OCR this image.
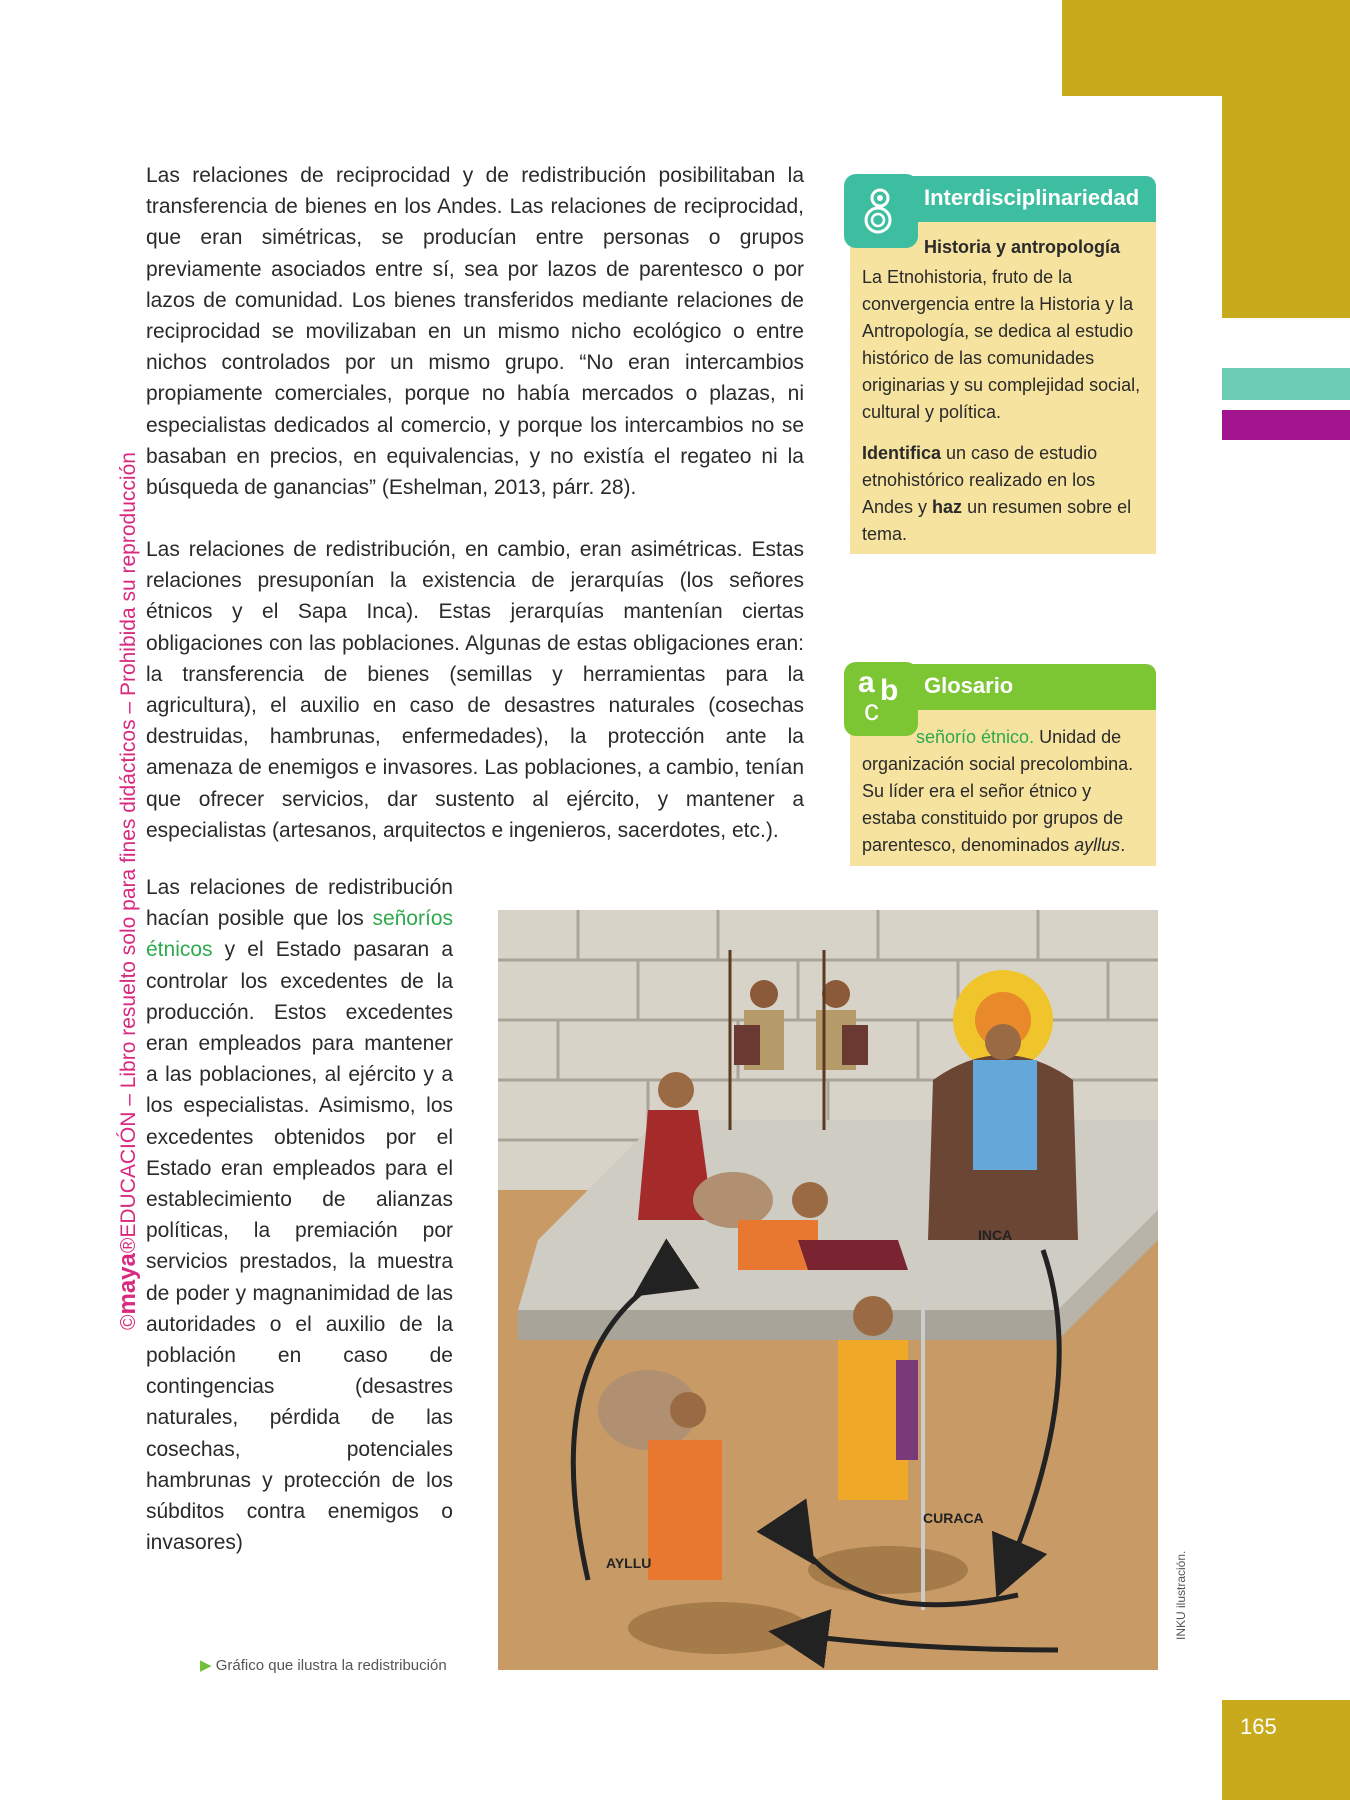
©maya®EDUCACIÓN – Libro resuelto solo para fines didácticos – Prohibida su reproducción

Las relaciones de reciprocidad y de redistribución posibilitaban la transferencia de bienes en los Andes. Las relaciones de reciprocidad, que eran simétricas, se producían entre personas o grupos previamente asociados entre sí, sea por lazos de parentesco o por lazos de comunidad. Los bienes transferidos mediante relaciones de reciprocidad se movilizaban en un mismo nicho ecológico o entre nichos controlados por un mismo grupo. “No eran intercambios propiamente comerciales, porque no había mercados o plazas, ni especialistas dedicados al comercio, y porque los intercambios no se basaban en precios, en equivalencias, y no existía el regateo ni la búsqueda de ganancias” (Eshelman, 2013, párr. 28).

Las relaciones de redistribución, en cambio, eran asimétricas. Estas relaciones presuponían la existencia de jerarquías (los señores étnicos y el Sapa Inca). Estas jerarquías mantenían ciertas obligaciones con las poblaciones. Algunas de estas obligaciones eran: la transferencia de bienes (semillas y herramientas para la agricultura), el auxilio en caso de desastres naturales (cosechas destruidas, hambrunas, enfermedades), la protección ante la amenaza de enemigos e invasores. Las poblaciones, a cambio, tenían que ofrecer servicios, dar sustento al ejército, y mantener a especialistas (artesanos, arquitectos e ingenieros, sacerdotes, etc.).

Las relaciones de redistribución hacían posible que los señoríos étnicos y el Estado pasaran a controlar los excedentes de la producción. Estos excedentes eran empleados para mantener a las poblaciones, al ejército y a los especialistas. Asimismo, los excedentes obtenidos por el Estado eran empleados para el establecimiento de alianzas políticas, la premiación por servicios prestados, la muestra de poder y magnanimidad de las autoridades o el auxilio de la población en caso de contingencias (desastres naturales, pérdida de las cosechas, potenciales hambrunas y protección de los súbditos contra enemigos o invasores)

Interdisciplinariedad
Historia y antropología

La Etnohistoria, fruto de la convergencia entre la Historia y la Antropología, se dedica al estudio histórico de las comunidades originarias y su complejidad social, cultural y política.

Identifica un caso de estudio etnohistórico realizado en los Andes y haz un resumen sobre el tema.

Glosario
a b
c

señorío étnico. Unidad de organización social precolombina. Su líder era el señor étnico y estaba constituido por grupos de parentesco, denominados ayllus.

INCA
CURACA
AYLLU
▶ Gráfico que ilustra la redistribución
INKU ilustración.
165
